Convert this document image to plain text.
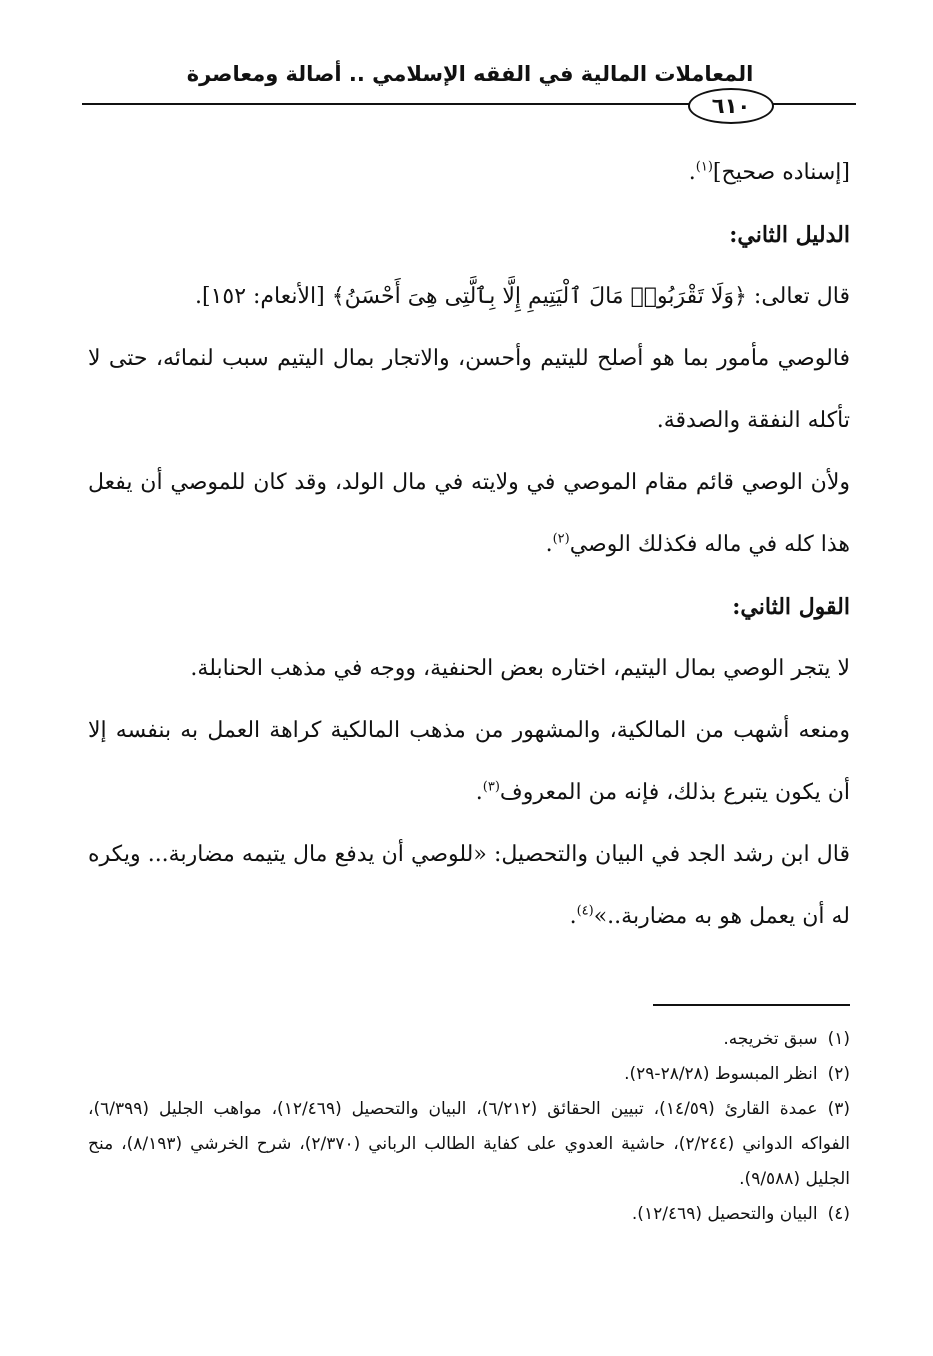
المعاملات المالية في الفقه الإسلامي .. أصالة ومعاصرة
٦١٠

[إسناده صحيح]$^{(١)}$.

الدليل الثاني:

قال تعالى: ﴿وَلَا تَقْرَبُوا۟ مَالَ ٱلْيَتِيمِ إِلَّا بِٱلَّتِى هِىَ أَحْسَنُ﴾ [الأنعام: ١٥٢].

فالوصي مأمور بما هو أصلح لليتيم وأحسن، والاتجار بمال اليتيم سبب لنمائه، حتى لا تأكله النفقة والصدقة.

ولأن الوصي قائم مقام الموصي في ولايته في مال الولد، وقد كان للموصي أن يفعل هذا كله في ماله فكذلك الوصي$^{(٢)}$.

القول الثاني:

لا يتجر الوصي بمال اليتيم، اختاره بعض الحنفية، ووجه في مذهب الحنابلة.

ومنعه أشهب من المالكية، والمشهور من مذهب المالكية كراهة العمل به بنفسه إلا أن يكون يتبرع بذلك، فإنه من المعروف$^{(٣)}$.

قال ابن رشد الجد في البيان والتحصيل: «للوصي أن يدفع مال يتيمه مضاربة... ويكره له أن يعمل هو به مضاربة..»$^{(٤)}$.

(١)سبق تخريجه.

(٢)انظر المبسوط (٢٨/٢٨-٢٩).

(٣)عمدة القارئ (١٤/٥٩)، تبيين الحقائق (٦/٢١٢)، البيان والتحصيل (١٢/٤٦٩)، مواهب الجليل (٦/٣٩٩)، الفواكه الدواني (٢/٢٤٤)، حاشية العدوي على كفاية الطالب الرباني (٢/٣٧٠)، شرح الخرشي (٨/١٩٣)، منح الجليل (٩/٥٨٨).

(٤)البيان والتحصيل (١٢/٤٦٩).
